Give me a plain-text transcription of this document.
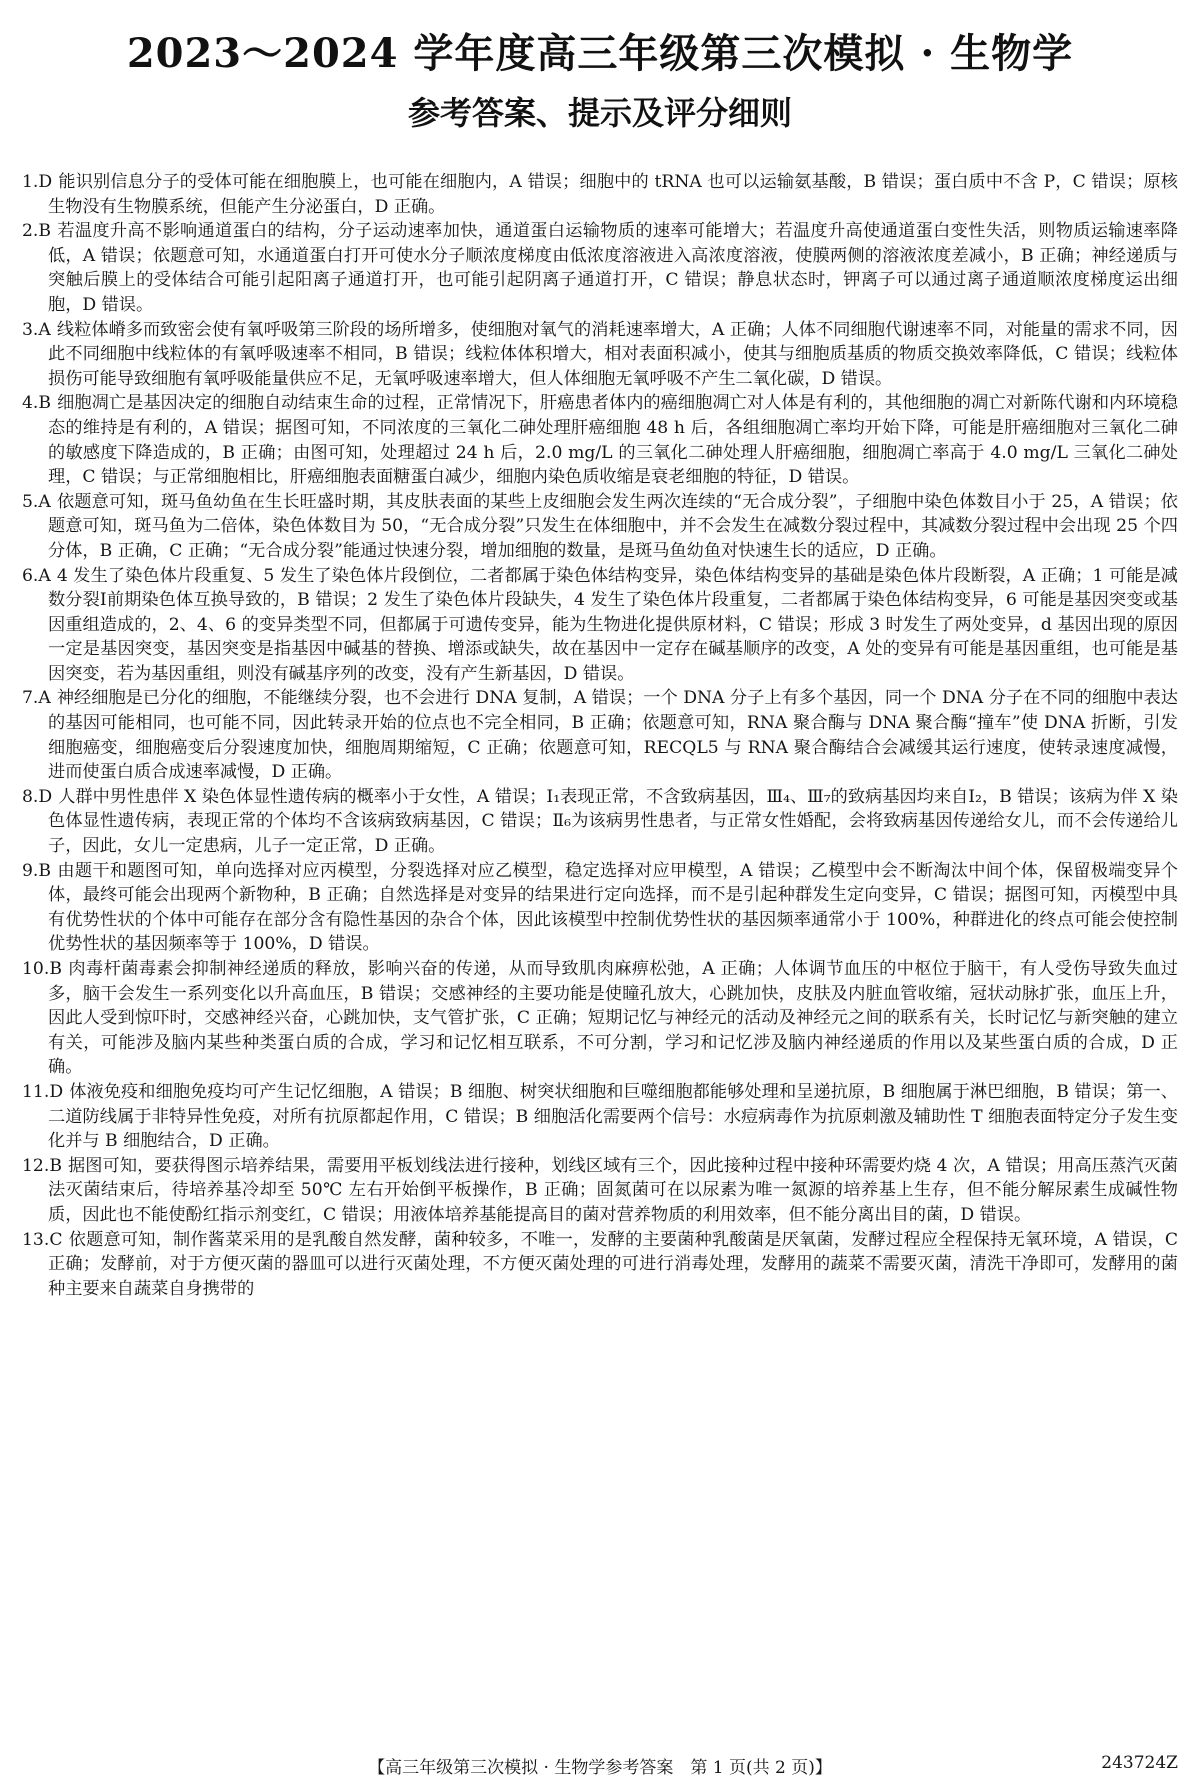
2023～2024 学年度高三年级第三次模拟 · 生物学
参考答案、提示及评分细则

1.D 能识别信息分子的受体可能在细胞膜上，也可能在细胞内，A 错误；细胞中的 tRNA 也可以运输氨基酸，B 错误；蛋白质中不含 P，C 错误；原核生物没有生物膜系统，但能产生分泌蛋白，D 正确。

2.B 若温度升高不影响通道蛋白的结构，分子运动速率加快，通道蛋白运输物质的速率可能增大；若温度升高使通道蛋白变性失活，则物质运输速率降低，A 错误；依题意可知，水通道蛋白打开可使水分子顺浓度梯度由低浓度溶液进入高浓度溶液，使膜两侧的溶液浓度差减小，B 正确；神经递质与突触后膜上的受体结合可能引起阳离子通道打开，也可能引起阴离子通道打开，C 错误；静息状态时，钾离子可以通过离子通道顺浓度梯度运出细胞，D 错误。

3.A 线粒体嵴多而致密会使有氧呼吸第三阶段的场所增多，使细胞对氧气的消耗速率增大，A 正确；人体不同细胞代谢速率不同，对能量的需求不同，因此不同细胞中线粒体的有氧呼吸速率不相同，B 错误；线粒体体积增大，相对表面积减小，使其与细胞质基质的物质交换效率降低，C 错误；线粒体损伤可能导致细胞有氧呼吸能量供应不足，无氧呼吸速率增大，但人体细胞无氧呼吸不产生二氧化碳，D 错误。

4.B 细胞凋亡是基因决定的细胞自动结束生命的过程，正常情况下，肝癌患者体内的癌细胞凋亡对人体是有利的，其他细胞的凋亡对新陈代谢和内环境稳态的维持是有利的，A 错误；据图可知，不同浓度的三氧化二砷处理肝癌细胞 48 h 后，各组细胞凋亡率均开始下降，可能是肝癌细胞对三氧化二砷的敏感度下降造成的，B 正确；由图可知，处理超过 24 h 后，2.0 mg/L 的三氧化二砷处理人肝癌细胞，细胞凋亡率高于 4.0 mg/L 三氧化二砷处理，C 错误；与正常细胞相比，肝癌细胞表面糖蛋白减少，细胞内染色质收缩是衰老细胞的特征，D 错误。

5.A 依题意可知，斑马鱼幼鱼在生长旺盛时期，其皮肤表面的某些上皮细胞会发生两次连续的“无合成分裂”，子细胞中染色体数目小于 25，A 错误；依题意可知，斑马鱼为二倍体，染色体数目为 50，“无合成分裂”只发生在体细胞中，并不会发生在减数分裂过程中，其减数分裂过程中会出现 25 个四分体，B 正确，C 正确；“无合成分裂”能通过快速分裂，增加细胞的数量，是斑马鱼幼鱼对快速生长的适应，D 正确。

6.A 4 发生了染色体片段重复、5 发生了染色体片段倒位，二者都属于染色体结构变异，染色体结构变异的基础是染色体片段断裂，A 正确；1 可能是减数分裂Ⅰ前期染色体互换导致的，B 错误；2 发生了染色体片段缺失，4 发生了染色体片段重复，二者都属于染色体结构变异，6 可能是基因突变或基因重组造成的，2、4、6 的变异类型不同，但都属于可遗传变异，能为生物进化提供原材料，C 错误；形成 3 时发生了两处变异，d 基因出现的原因一定是基因突变，基因突变是指基因中碱基的替换、增添或缺失，故在基因中一定存在碱基顺序的改变，A 处的变异有可能是基因重组，也可能是基因突变，若为基因重组，则没有碱基序列的改变，没有产生新基因，D 错误。

7.A 神经细胞是已分化的细胞，不能继续分裂，也不会进行 DNA 复制，A 错误；一个 DNA 分子上有多个基因，同一个 DNA 分子在不同的细胞中表达的基因可能相同，也可能不同，因此转录开始的位点也不完全相同，B 正确；依题意可知，RNA 聚合酶与 DNA 聚合酶“撞车”使 DNA 折断，引发细胞癌变，细胞癌变后分裂速度加快，细胞周期缩短，C 正确；依题意可知，RECQL5 与 RNA 聚合酶结合会减缓其运行速度，使转录速度减慢，进而使蛋白质合成速率减慢，D 正确。

8.D 人群中男性患伴 X 染色体显性遗传病的概率小于女性，A 错误；Ⅰ₁表现正常，不含致病基因，Ⅲ₄、Ⅲ₇的致病基因均来自Ⅰ₂，B 错误；该病为伴 X 染色体显性遗传病，表现正常的个体均不含该病致病基因，C 错误；Ⅱ₆为该病男性患者，与正常女性婚配，会将致病基因传递给女儿，而不会传递给儿子，因此，女儿一定患病，儿子一定正常，D 正确。

9.B 由题干和题图可知，单向选择对应丙模型，分裂选择对应乙模型，稳定选择对应甲模型，A 错误；乙模型中会不断淘汰中间个体，保留极端变异个体，最终可能会出现两个新物种，B 正确；自然选择是对变异的结果进行定向选择，而不是引起种群发生定向变异，C 错误；据图可知，丙模型中具有优势性状的个体中可能存在部分含有隐性基因的杂合个体，因此该模型中控制优势性状的基因频率通常小于 100%，种群进化的终点可能会使控制优势性状的基因频率等于 100%，D 错误。

10.B 肉毒杆菌毒素会抑制神经递质的释放，影响兴奋的传递，从而导致肌肉麻痹松弛，A 正确；人体调节血压的中枢位于脑干，有人受伤导致失血过多，脑干会发生一系列变化以升高血压，B 错误；交感神经的主要功能是使瞳孔放大，心跳加快，皮肤及内脏血管收缩，冠状动脉扩张，血压上升，因此人受到惊吓时，交感神经兴奋，心跳加快，支气管扩张，C 正确；短期记忆与神经元的活动及神经元之间的联系有关，长时记忆与新突触的建立有关，可能涉及脑内某些种类蛋白质的合成，学习和记忆相互联系，不可分割，学习和记忆涉及脑内神经递质的作用以及某些蛋白质的合成，D 正确。

11.D 体液免疫和细胞免疫均可产生记忆细胞，A 错误；B 细胞、树突状细胞和巨噬细胞都能够处理和呈递抗原，B 细胞属于淋巴细胞，B 错误；第一、二道防线属于非特异性免疫，对所有抗原都起作用，C 错误；B 细胞活化需要两个信号：水痘病毒作为抗原刺激及辅助性 T 细胞表面特定分子发生变化并与 B 细胞结合，D 正确。

12.B 据图可知，要获得图示培养结果，需要用平板划线法进行接种，划线区域有三个，因此接种过程中接种环需要灼烧 4 次，A 错误；用高压蒸汽灭菌法灭菌结束后，待培养基冷却至 50℃ 左右开始倒平板操作，B 正确；固氮菌可在以尿素为唯一氮源的培养基上生存，但不能分解尿素生成碱性物质，因此也不能使酚红指示剂变红，C 错误；用液体培养基能提高目的菌对营养物质的利用效率，但不能分离出目的菌，D 错误。

13.C 依题意可知，制作酱菜采用的是乳酸自然发酵，菌种较多，不唯一，发酵的主要菌种乳酸菌是厌氧菌，发酵过程应全程保持无氧环境，A 错误，C 正确；发酵前，对于方便灭菌的器皿可以进行灭菌处理，不方便灭菌处理的可进行消毒处理，发酵用的蔬菜不需要灭菌，清洗干净即可，发酵用的菌种主要来自蔬菜自身携带的

【高三年级第三次模拟 · 生物学参考答案　第 1 页(共 2 页)】	243724Z
